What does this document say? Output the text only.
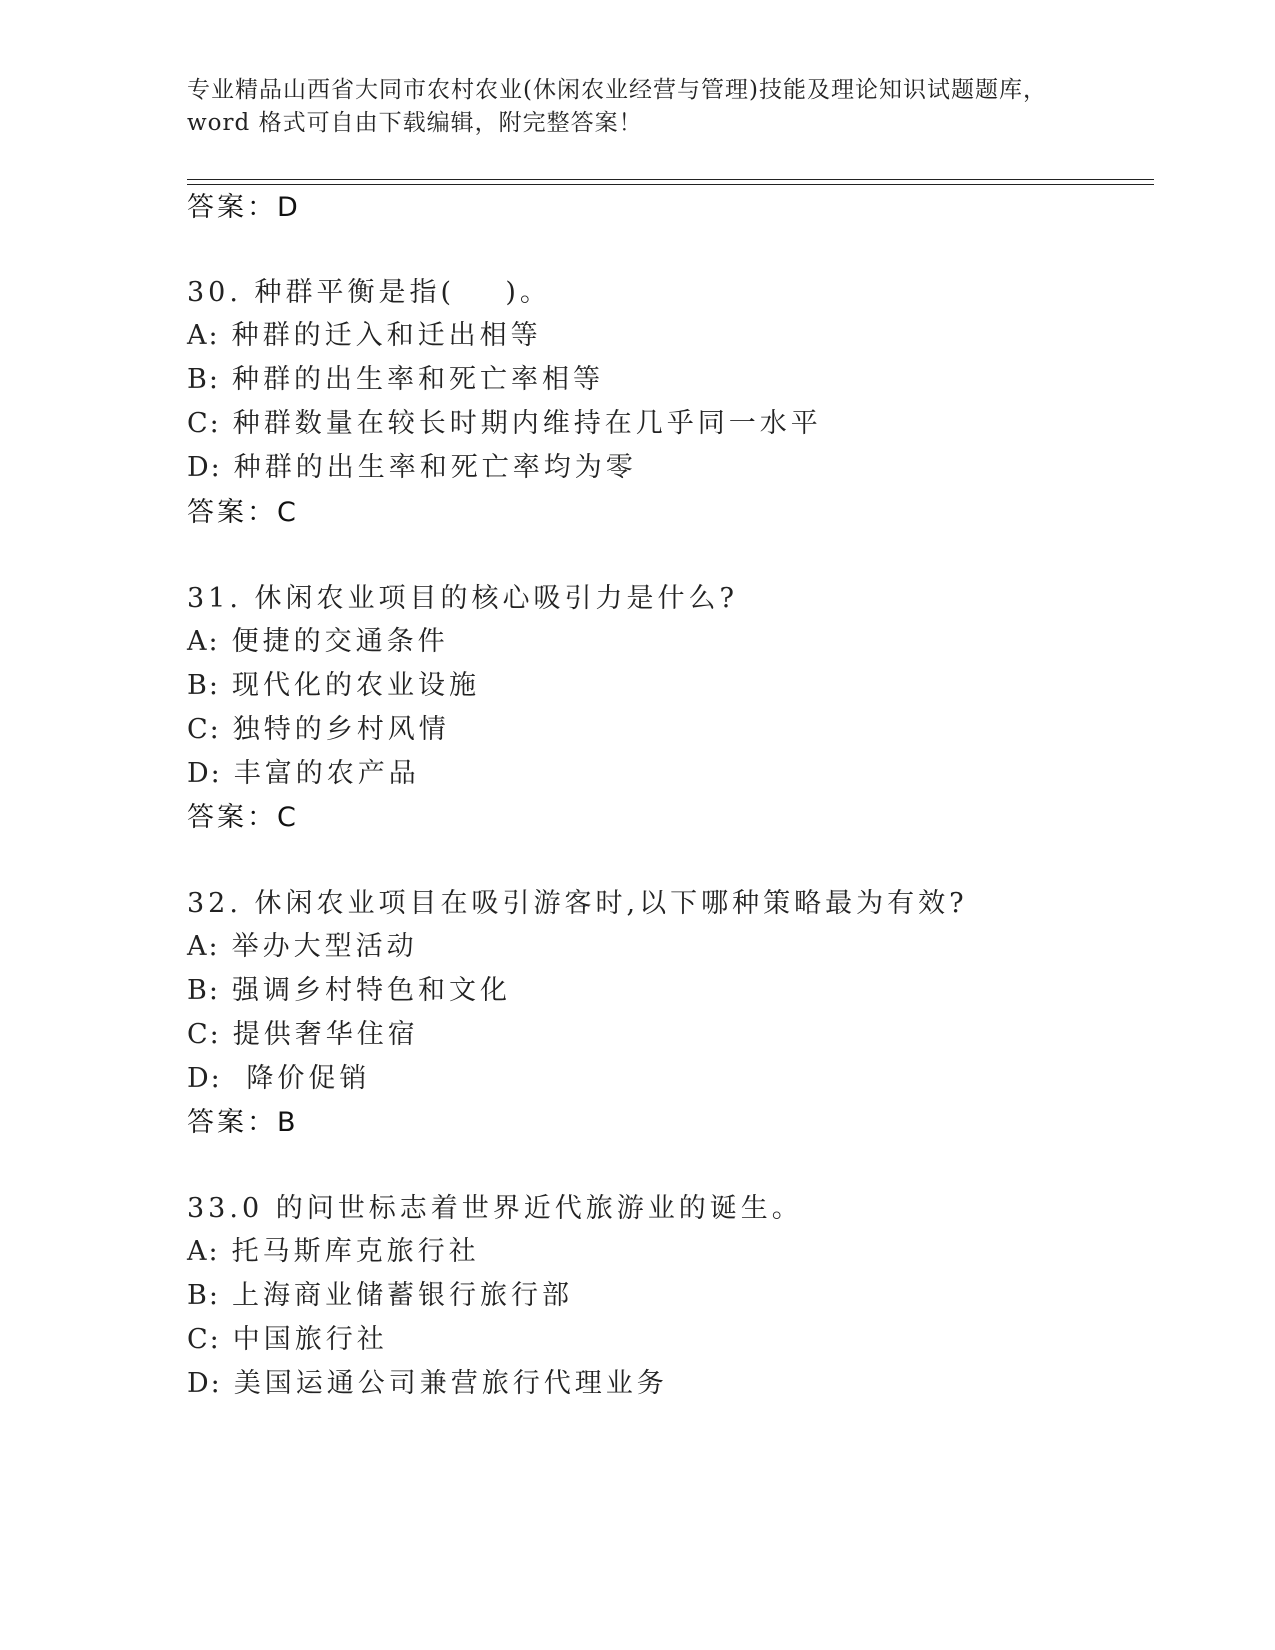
专业精品山西省大同市农村农业(休闲农业经营与管理)技能及理论知识试题题库，
word 格式可自由下载编辑，附完整答案！
答案：D
30. 种群平衡是指(    )。
A: 种群的迁入和迁出相等
B: 种群的出生率和死亡率相等
C: 种群数量在较长时期内维持在几乎同一水平
D: 种群的出生率和死亡率均为零
答案：C
31. 休闲农业项目的核心吸引力是什么?
A: 便捷的交通条件
B: 现代化的农业设施
C: 独特的乡村风情
D: 丰富的农产品
答案：C
32. 休闲农业项目在吸引游客时,以下哪种策略最为有效?
A: 举办大型活动
B: 强调乡村特色和文化
C: 提供奢华住宿
D: 降价促销
答案：B
33.0 的问世标志着世界近代旅游业的诞生。
A: 托马斯库克旅行社
B: 上海商业储蓄银行旅行部
C: 中国旅行社
D: 美国运通公司兼营旅行代理业务
